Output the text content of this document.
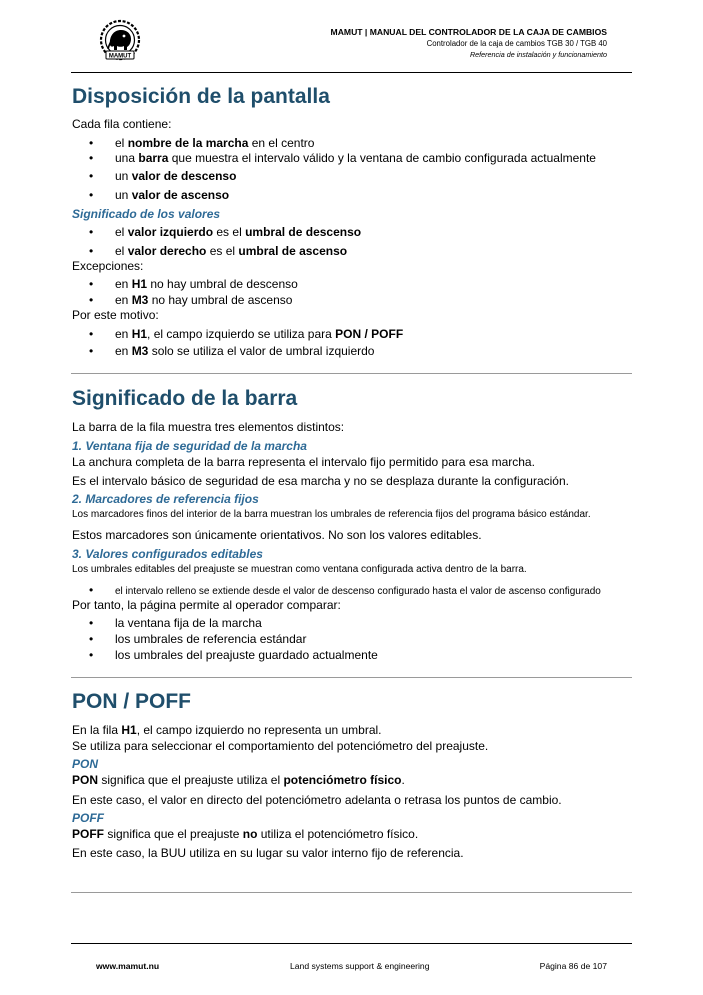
MAMUT
MAMUT | MANUAL DEL CONTROLADOR DE LA CAJA DE CAMBIOS
Controlador de la caja de cambios TGB 30 / TGB 40
Referencia de instalación y funcionamiento
Disposición de la pantalla
Cada fila contiene:
• el nombre de la marcha en el centro
• una barra que muestra el intervalo válido y la ventana de cambio configurada actualmente
• un valor de descenso
• un valor de ascenso
Significado de los valores
• el valor izquierdo es el umbral de descenso
• el valor derecho es el umbral de ascenso
Excepciones:
• en H1 no hay umbral de descenso
• en M3 no hay umbral de ascenso
Por este motivo:
• en H1, el campo izquierdo se utiliza para PON / POFF
• en M3 solo se utiliza el valor de umbral izquierdo
Significado de la barra
La barra de la fila muestra tres elementos distintos:
1. Ventana fija de seguridad de la marcha
La anchura completa de la barra representa el intervalo fijo permitido para esa marcha.
Es el intervalo básico de seguridad de esa marcha y no se desplaza durante la configuración.
2. Marcadores de referencia fijos
Los marcadores finos del interior de la barra muestran los umbrales de referencia fijos del programa básico estándar.
Estos marcadores son únicamente orientativos. No son los valores editables.
3. Valores configurados editables
Los umbrales editables del preajuste se muestran como ventana configurada activa dentro de la barra.
• el intervalo relleno se extiende desde el valor de descenso configurado hasta el valor de ascenso configurado
Por tanto, la página permite al operador comparar:
• la ventana fija de la marcha
• los umbrales de referencia estándar
• los umbrales del preajuste guardado actualmente
PON / POFF
En la fila H1, el campo izquierdo no representa un umbral.
Se utiliza para seleccionar el comportamiento del potenciómetro del preajuste.
PON
PON significa que el preajuste utiliza el potenciómetro físico.
En este caso, el valor en directo del potenciómetro adelanta o retrasa los puntos de cambio.
POFF
POFF significa que el preajuste no utiliza el potenciómetro físico.
En este caso, la BUU utiliza en su lugar su valor interno fijo de referencia.
www.mamut.nu	Land systems support & engineering	Página 86 de 107
